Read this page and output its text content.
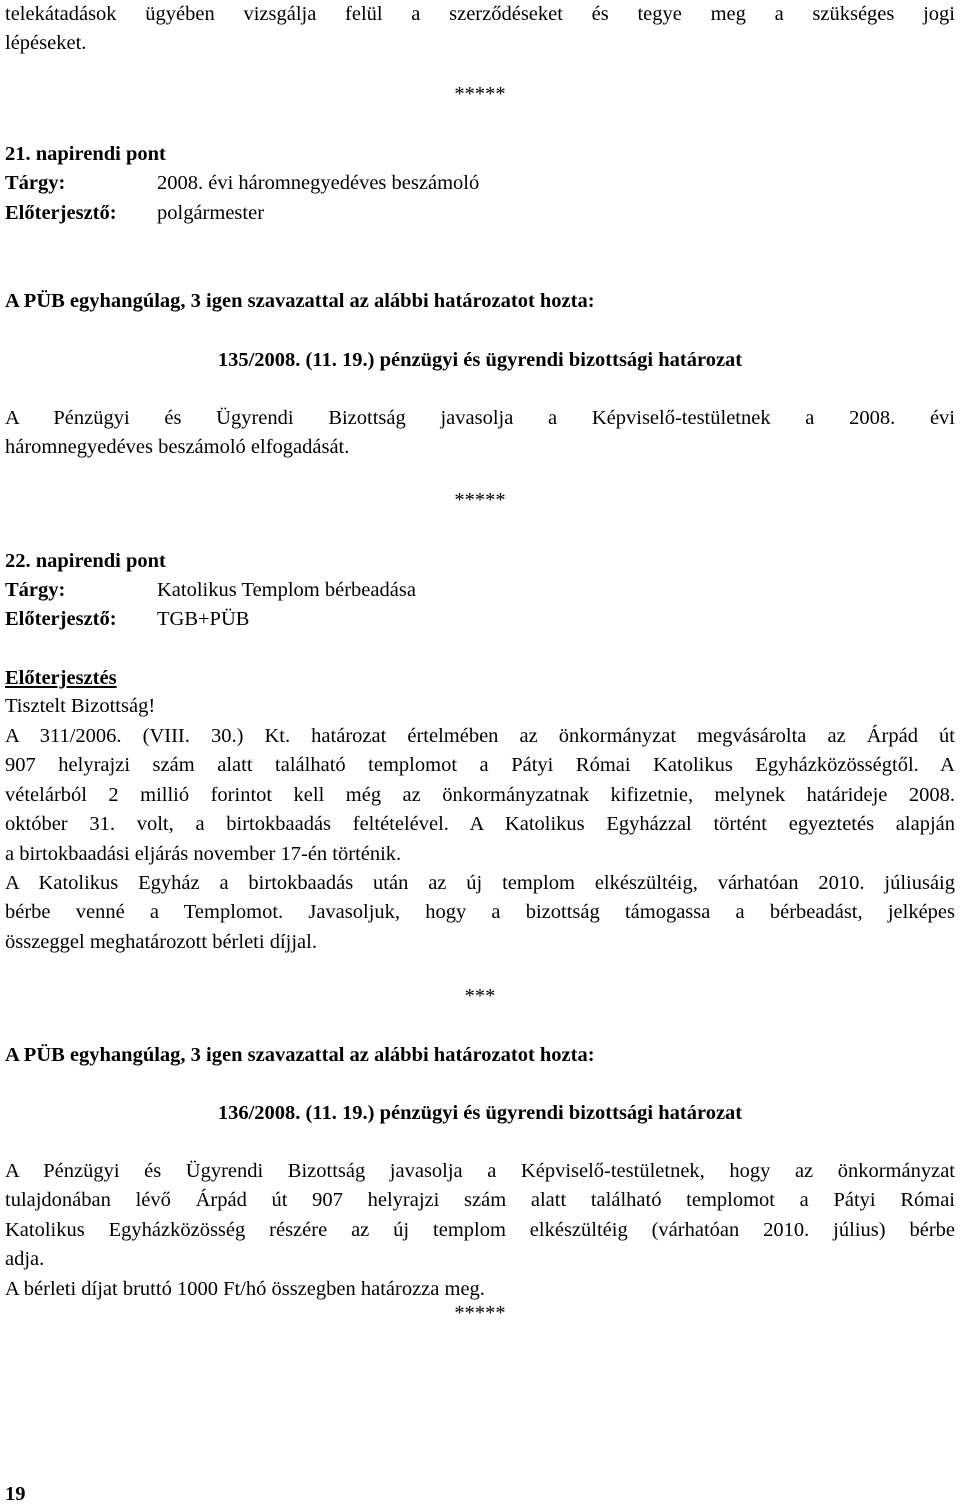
telekátadások ügyében vizsgálja felül a szerződéseket és tegye meg a szükséges jogi
lépéseket.
*****
21. napirendi pont
Tárgy:	2008. évi háromnegyedéves beszámoló
Előterjesztő: polgármester
A PÜB egyhangúlag, 3 igen szavazattal az alábbi határozatot hozta:
135/2008. (11. 19.) pénzügyi és ügyrendi bizottsági határozat
A Pénzügyi és Ügyrendi Bizottság javasolja a Képviselő-testületnek a 2008. évi
háromnegyedéves beszámoló elfogadását.
*****
22. napirendi pont
Tárgy:	Katolikus Templom bérbeadása
Előterjesztő: TGB+PÜB
Előterjesztés
Tisztelt Bizottság!
A 311/2006. (VIII. 30.) Kt. határozat értelmében az önkormányzat megvásárolta az Árpád út
907 helyrajzi szám alatt található templomot a Pátyi Római Katolikus Egyházközösségtől. A
vételárból 2 millió forintot kell még az önkormányzatnak kifizetnie, melynek határideje 2008.
október 31. volt, a birtokbaadás feltételével. A Katolikus Egyházzal történt egyeztetés alapján
a birtokbaadási eljárás november 17-én történik.
A Katolikus Egyház a birtokbaadás után az új templom elkészültéig, várhatóan 2010. júliusáig
bérbe venné a Templomot. Javasoljuk, hogy a bizottság támogassa a bérbeadást, jelképes
összeggel meghatározott bérleti díjjal.
***
A PÜB egyhangúlag, 3 igen szavazattal az alábbi határozatot hozta:
136/2008. (11. 19.) pénzügyi és ügyrendi bizottsági határozat
A Pénzügyi és Ügyrendi Bizottság javasolja a Képviselő-testületnek, hogy az önkormányzat
tulajdonában lévő Árpád út 907 helyrajzi szám alatt található templomot a Pátyi Római
Katolikus Egyházközösség részére az új templom elkészültéig (várhatóan 2010. július) bérbe
adja.
A bérleti díjat bruttó 1000 Ft/hó összegben határozza meg.
*****
19
